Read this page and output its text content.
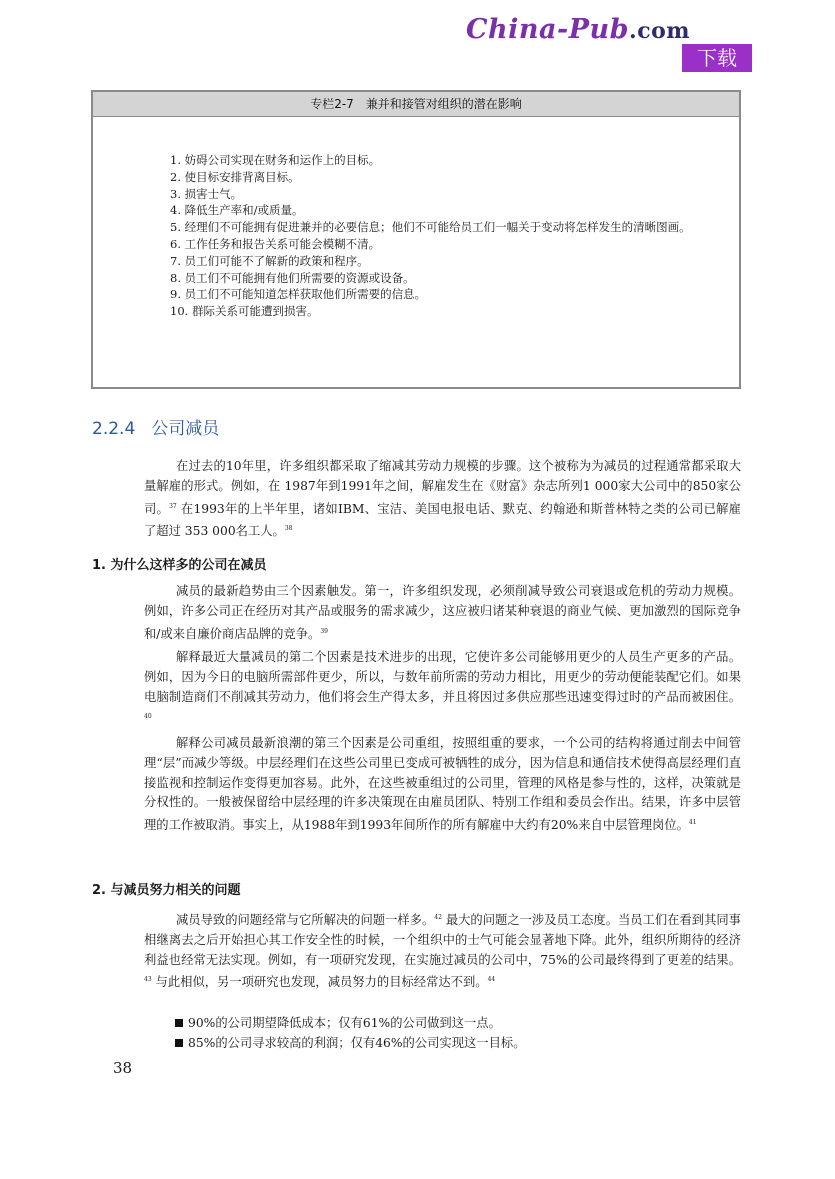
China-Pub.com
下载
专栏2-7　兼并和接管对组织的潜在影响
1. 妨碍公司实现在财务和运作上的目标。
2. 使目标安排背离目标。
3. 损害士气。
4. 降低生产率和/或质量。
5. 经理们不可能拥有促进兼并的必要信息；他们不可能给员工们一幅关于变动将怎样发生的清晰图画。
6. 工作任务和报告关系可能会模糊不清。
7. 员工们可能不了解新的政策和程序。
8. 员工们不可能拥有他们所需要的资源或设备。
9. 员工们不可能知道怎样获取他们所需要的信息。
10. 群际关系可能遭到损害。
2.2.4 公司减员
在过去的10年里，许多组织都采取了缩减其劳动力规模的步骤。这个被称为为减员的过程通常都采取大量解雇的形式。例如，在 1987年到1991年之间，解雇发生在《财富》杂志所列1 000家大公司中的850家公司。$^{37}$ 在1993年的上半年里，诸如IBM、宝洁、美国电报电话、默克、约翰逊和斯普林特之类的公司已解雇了超过 353 000名工人。$^{38}$
1. 为什么这样多的公司在减员
减员的最新趋势由三个因素触发。第一，许多组织发现，必须削减导致公司衰退或危机的劳动力规模。例如，许多公司正在经历对其产品或服务的需求减少，这应被归诸某种衰退的商业气候、更加激烈的国际竞争和/或来自廉价商店品牌的竞争。$^{39}$
解释最近大量减员的第二个因素是技术进步的出现，它使许多公司能够用更少的人员生产更多的产品。例如，因为今日的电脑所需部件更少，所以，与数年前所需的劳动力相比，用更少的劳动便能装配它们。如果电脑制造商们不削减其劳动力，他们将会生产得太多，并且将因过多供应那些迅速变得过时的产品而被困住。$^{40}$
解释公司减员最新浪潮的第三个因素是公司重组，按照组重的要求，一个公司的结构将通过削去中间管理“层”而减少等级。中层经理们在这些公司里已变成可被牺牲的成分，因为信息和通信技术使得高层经理们直接监视和控制运作变得更加容易。此外，在这些被重组过的公司里，管理的风格是参与性的，这样，决策就是分权性的。一般被保留给中层经理的许多决策现在由雇员团队、特别工作组和委员会作出。结果，许多中层管理的工作被取消。事实上，从1988年到1993年间所作的所有解雇中大约有20%来自中层管理岗位。$^{41}$
2. 与减员努力相关的问题
减员导致的问题经常与它所解决的问题一样多。$^{42}$ 最大的问题之一涉及员工态度。当员工们在看到其同事相继离去之后开始担心其工作安全性的时候，一个组织中的士气可能会显著地下降。此外，组织所期待的经济利益也经常无法实现。例如，有一项研究发现，在实施过减员的公司中，75%的公司最终得到了更差的结果。$^{43}$ 与此相似，另一项研究也发现，减员努力的目标经常达不到。$^{44}$
90%的公司期望降低成本；仅有61%的公司做到这一点。
85%的公司寻求较高的利润；仅有46%的公司实现这一目标。
38
